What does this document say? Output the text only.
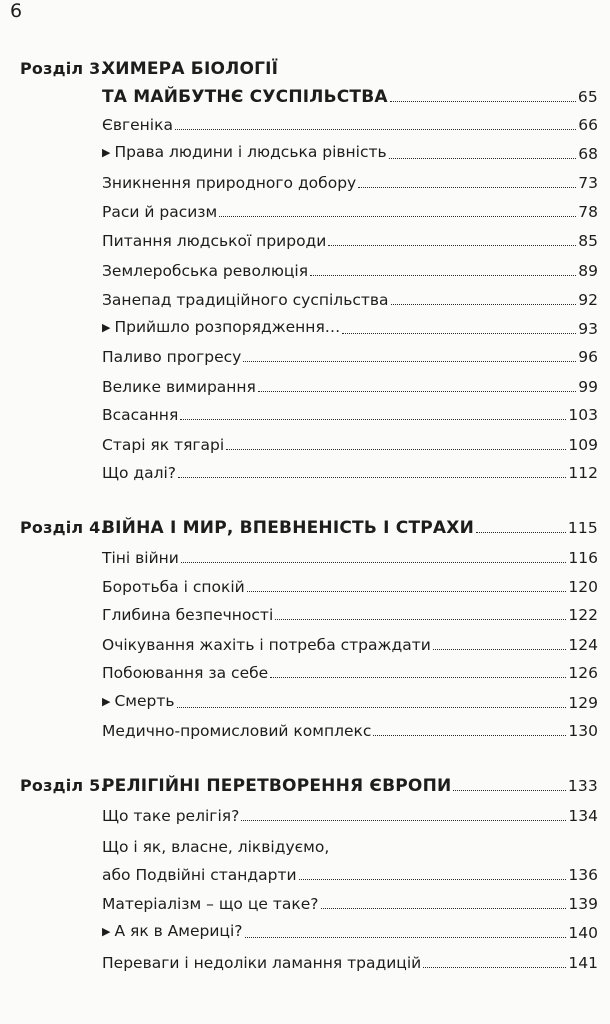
6
Розділ 3.ХИМЕРА БІОЛОГІЇ
ТА МАЙБУТНЄ СУСПІЛЬСТВА	65
Євгеніка	66
▶ Права людини і людська рівність	68
Зникнення природного добору	73
Раси й расизм	78
Питання людської природи	85
Землеробська революція	89
Занепад традиційного суспільства	92
▶ Прийшло розпорядження…	93
Паливо прогресу	96
Велике вимирання	99
Всасання	103
Старі як тягарі	109
Що далі?	112
Розділ 4.ВІЙНА І МИР, ВПЕВНЕНІСТЬ І СТРАХИ	115
Тіні війни	116
Боротьба і спокій	120
Глибина безпечності	122
Очікування жахіть і потреба страждати	124
Побоювання за себе	126
▶ Смерть	129
Медично-промисловий комплекс	130
Розділ 5.РЕЛІГІЙНІ ПЕРЕТВОРЕННЯ ЄВРОПИ	133
Що таке релігія?	134
Що і як, власне, ліквідуємо,
або Подвійні стандарти	136
Матеріалізм – що це таке?	139
▶ А як в Америці?	140
Переваги і недоліки ламання традицій	141
